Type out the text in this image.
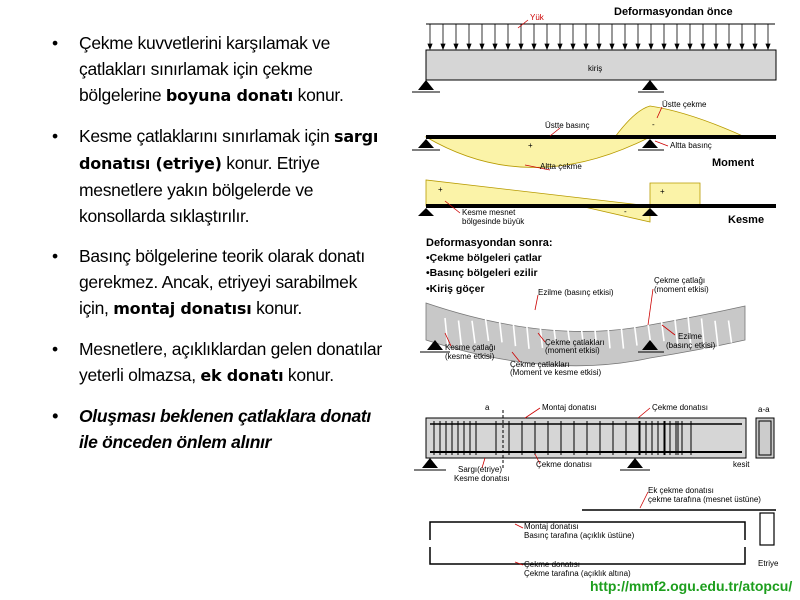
• Çekme kuvvetlerini karşılamak ve çatlakları sınırlamak için çekme bölgelerine boyuna donatı konur.
• Kesme çatlaklarını sınırlamak için sargı donatısı (etriye) konur. Etriye mesnetlere yakın bölgelerde ve konsollarda sıklaştırılır.
• Basınç bölgelerine teorik olarak donatı gerekmez. Ancak, etriyeyi sarabilmek için, montaj donatısı konur.
• Mesnetlere, açıklıklardan gelen donatılar yeterli olmazsa, ek donatı konur.
• Oluşması beklenen çatlaklara donatı ile önceden önlem alınır
Deformasyondan önce
Yük
kiriş
Üstte çekme
Üstte basınç
Altta basınç
Altta çekme
+
-
Moment
+	+
-
Kesme mesnet
bölgesinde büyük	Kesme
Deformasyondan sonra:
•Çekme bölgeleri çatlar
•Basınç bölgeleri ezilir
•Kiriş göçer	Ezilme (basınç etkisi)
Çekme çatlağı
(moment etkisi)
Kesme çatlağı
(kesme etkisi)
Çekme çatlakları
(moment etkisi)
Çekme çatlakları
(Moment ve kesme etkisi)
Ezilme
(basınç etkisi)
Montaj donatısı	Çekme donatısı
a	a-a
Sargı(etriye)
Kesme donatısı
Çekme donatısı	kesit
Ek çekme donatısı
çekme tarafına (mesnet üstüne)
Montaj donatısı
Basınç tarafına (açıklık üstüne)
Etriye
Çekme donatısı
Çekme tarafına (açıklık altına)
http://mmf2.ogu.edu.tr/atopcu/
